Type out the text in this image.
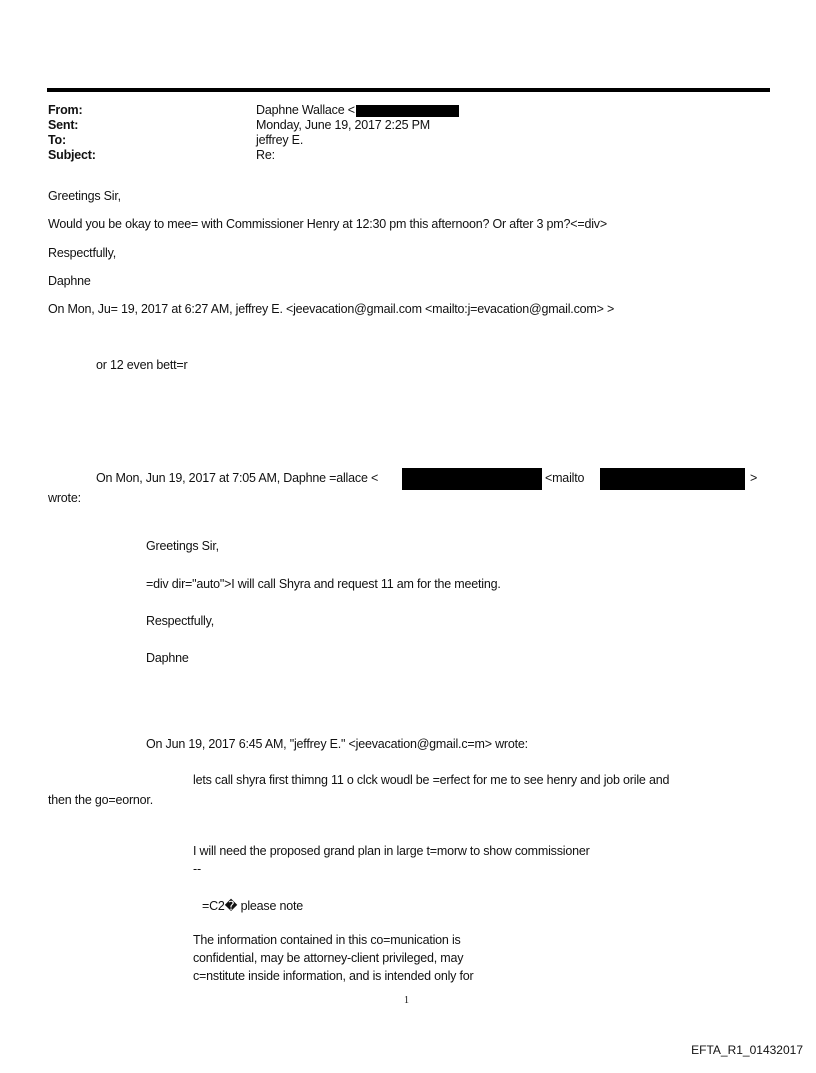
From:	Daphne Wallace <
Sent:	Monday, June 19, 2017 2:25 PM
To:	jeffrey E.
Subject:	Re:
Greetings Sir,
Would you be okay to mee= with Commissioner Henry at 12:30 pm this afternoon? Or after 3 pm?<=div>
Respectfully,
Daphne
On Mon, Ju= 19, 2017 at 6:27 AM, jeffrey E. <jeevacation@gmail.com <mailto:j=evacation@gmail.com> >
or 12 even bett=r
On Mon, Jun 19, 2017 at 7:05 AM, Daphne =allace <	<mailto	>
wrote:
Greetings Sir,
=div dir="auto">I will call Shyra and request 11 am for the meeting.
Respectfully,
Daphne
On Jun 19, 2017 6:45 AM, "jeffrey E." <jeevacation@gmail.c=m> wrote:
lets call shyra first thimng 11 o clck woudl be =erfect for me to see henry and job orile and
then the go=eornor.
I will need the proposed grand plan in large t=morw to show commissioner
--
=C2� please note
The information contained in this co=munication is
confidential, may be attorney-client privileged, may
c=nstitute inside information, and is intended only for
1
EFTA_R1_01432017
